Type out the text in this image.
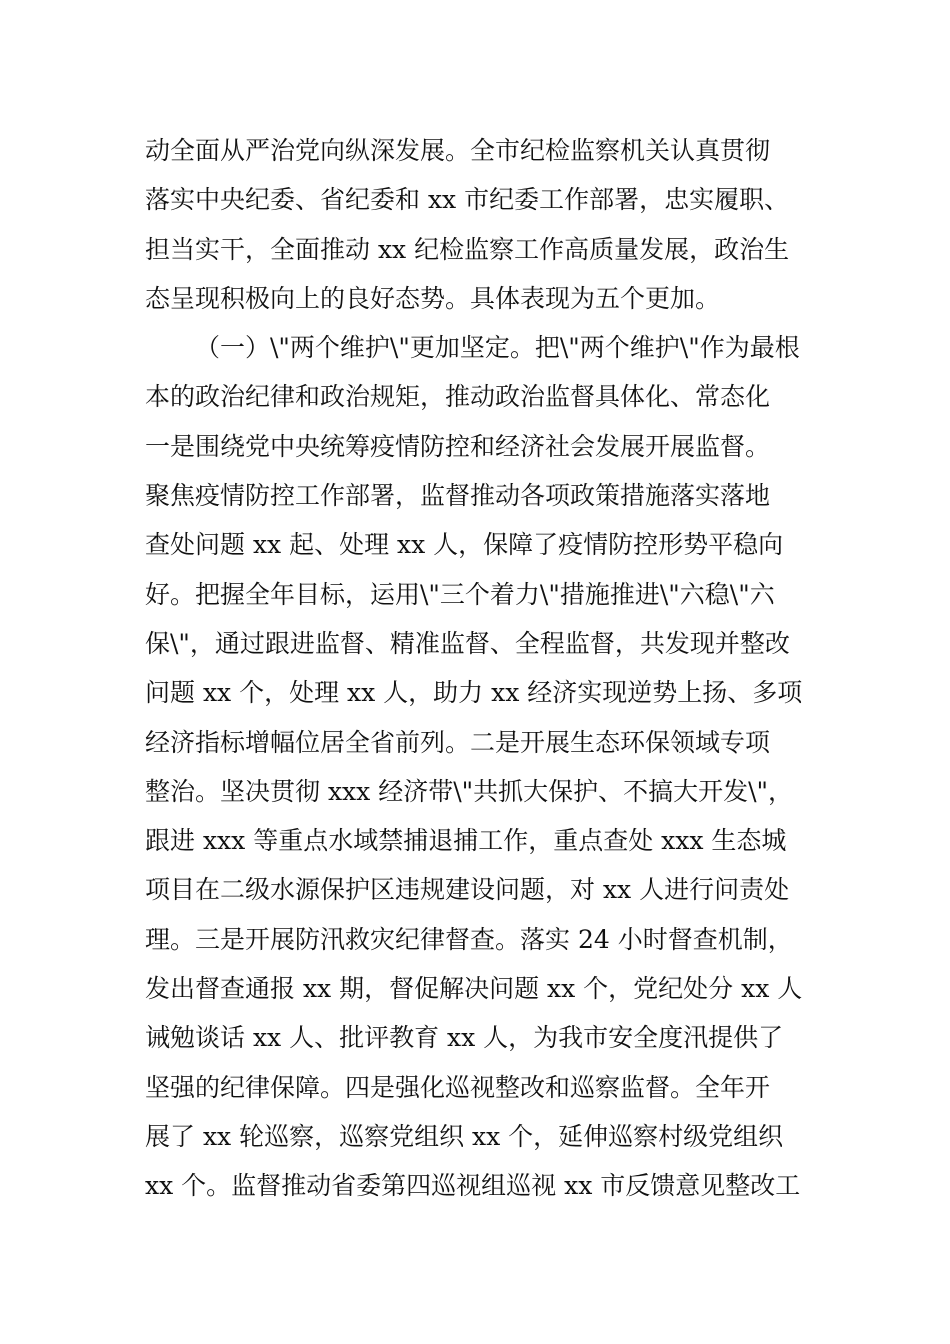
动全面从严治党向纵深发展。全市纪检监察机关认真贯彻
落实中央纪委、省纪委和 xx 市纪委工作部署，忠实履职、
担当实干，全面推动 xx 纪检监察工作高质量发展，政治生
态呈现积极向上的良好态势。具体表现为五个更加。
（一）\"两个维护\"更加坚定。把\"两个维护\"作为最根
本的政治纪律和政治规矩，推动政治监督具体化、常态化
一是围绕党中央统筹疫情防控和经济社会发展开展监督。
聚焦疫情防控工作部署，监督推动各项政策措施落实落地
查处问题 xx 起、处理 xx 人，保障了疫情防控形势平稳向
好。把握全年目标，运用\"三个着力\"措施推进\"六稳\"六
保\"，通过跟进监督、精准监督、全程监督，共发现并整改
问题 xx 个，处理 xx 人，助力 xx 经济实现逆势上扬、多项
经济指标增幅位居全省前列。二是开展生态环保领域专项
整治。坚决贯彻 xxx 经济带\"共抓大保护、不搞大开发\"，
跟进 xxx 等重点水域禁捕退捕工作，重点查处 xxx 生态城
项目在二级水源保护区违规建设问题，对 xx 人进行问责处
理。三是开展防汛救灾纪律督查。落实 24 小时督查机制，
发出督查通报 xx 期，督促解决问题 xx 个，党纪处分 xx 人
诫勉谈话 xx 人、批评教育 xx 人，为我市安全度汛提供了
坚强的纪律保障。四是强化巡视整改和巡察监督。全年开
展了 xx 轮巡察，巡察党组织 xx 个，延伸巡察村级党组织
xx 个。监督推动省委第四巡视组巡视 xx 市反馈意见整改工
